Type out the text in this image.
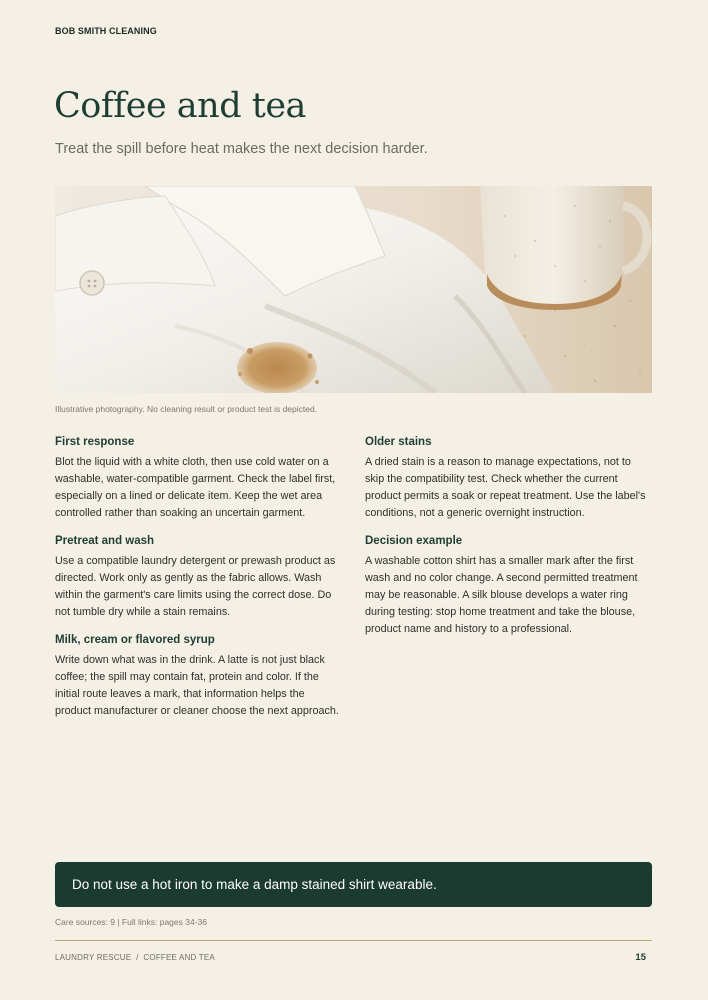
BOB SMITH CLEANING
Coffee and tea
Treat the spill before heat makes the next decision harder.
Illustrative photography. No cleaning result or product test is depicted.
First response

Blot the liquid with a white cloth, then use cold water on a washable, water-compatible garment. Check the label first, especially on a lined or delicate item. Keep the wet area controlled rather than soaking an uncertain garment.

Pretreat and wash

Use a compatible laundry detergent or prewash product as directed. Work only as gently as the fabric allows. Wash within the garment's care limits using the correct dose. Do not tumble dry while a stain remains.

Milk, cream or flavored syrup

Write down what was in the drink. A latte is not just black coffee; the spill may contain fat, protein and color. If the initial route leaves a mark, that information helps the product manufacturer or cleaner choose the next approach.

Older stains

A dried stain is a reason to manage expectations, not to skip the compatibility test. Check whether the current product permits a soak or repeat treatment. Use the label's conditions, not a generic overnight instruction.

Decision example

A washable cotton shirt has a smaller mark after the first wash and no color change. A second permitted treatment may be reasonable. A silk blouse develops a water ring during testing: stop home treatment and take the blouse, product name and history to a professional.

Do not use a hot iron to make a damp stained shirt wearable.
Care sources: 9 | Full links: pages 34-36
LAUNDRY RESCUE  /  COFFEE AND TEA	15
